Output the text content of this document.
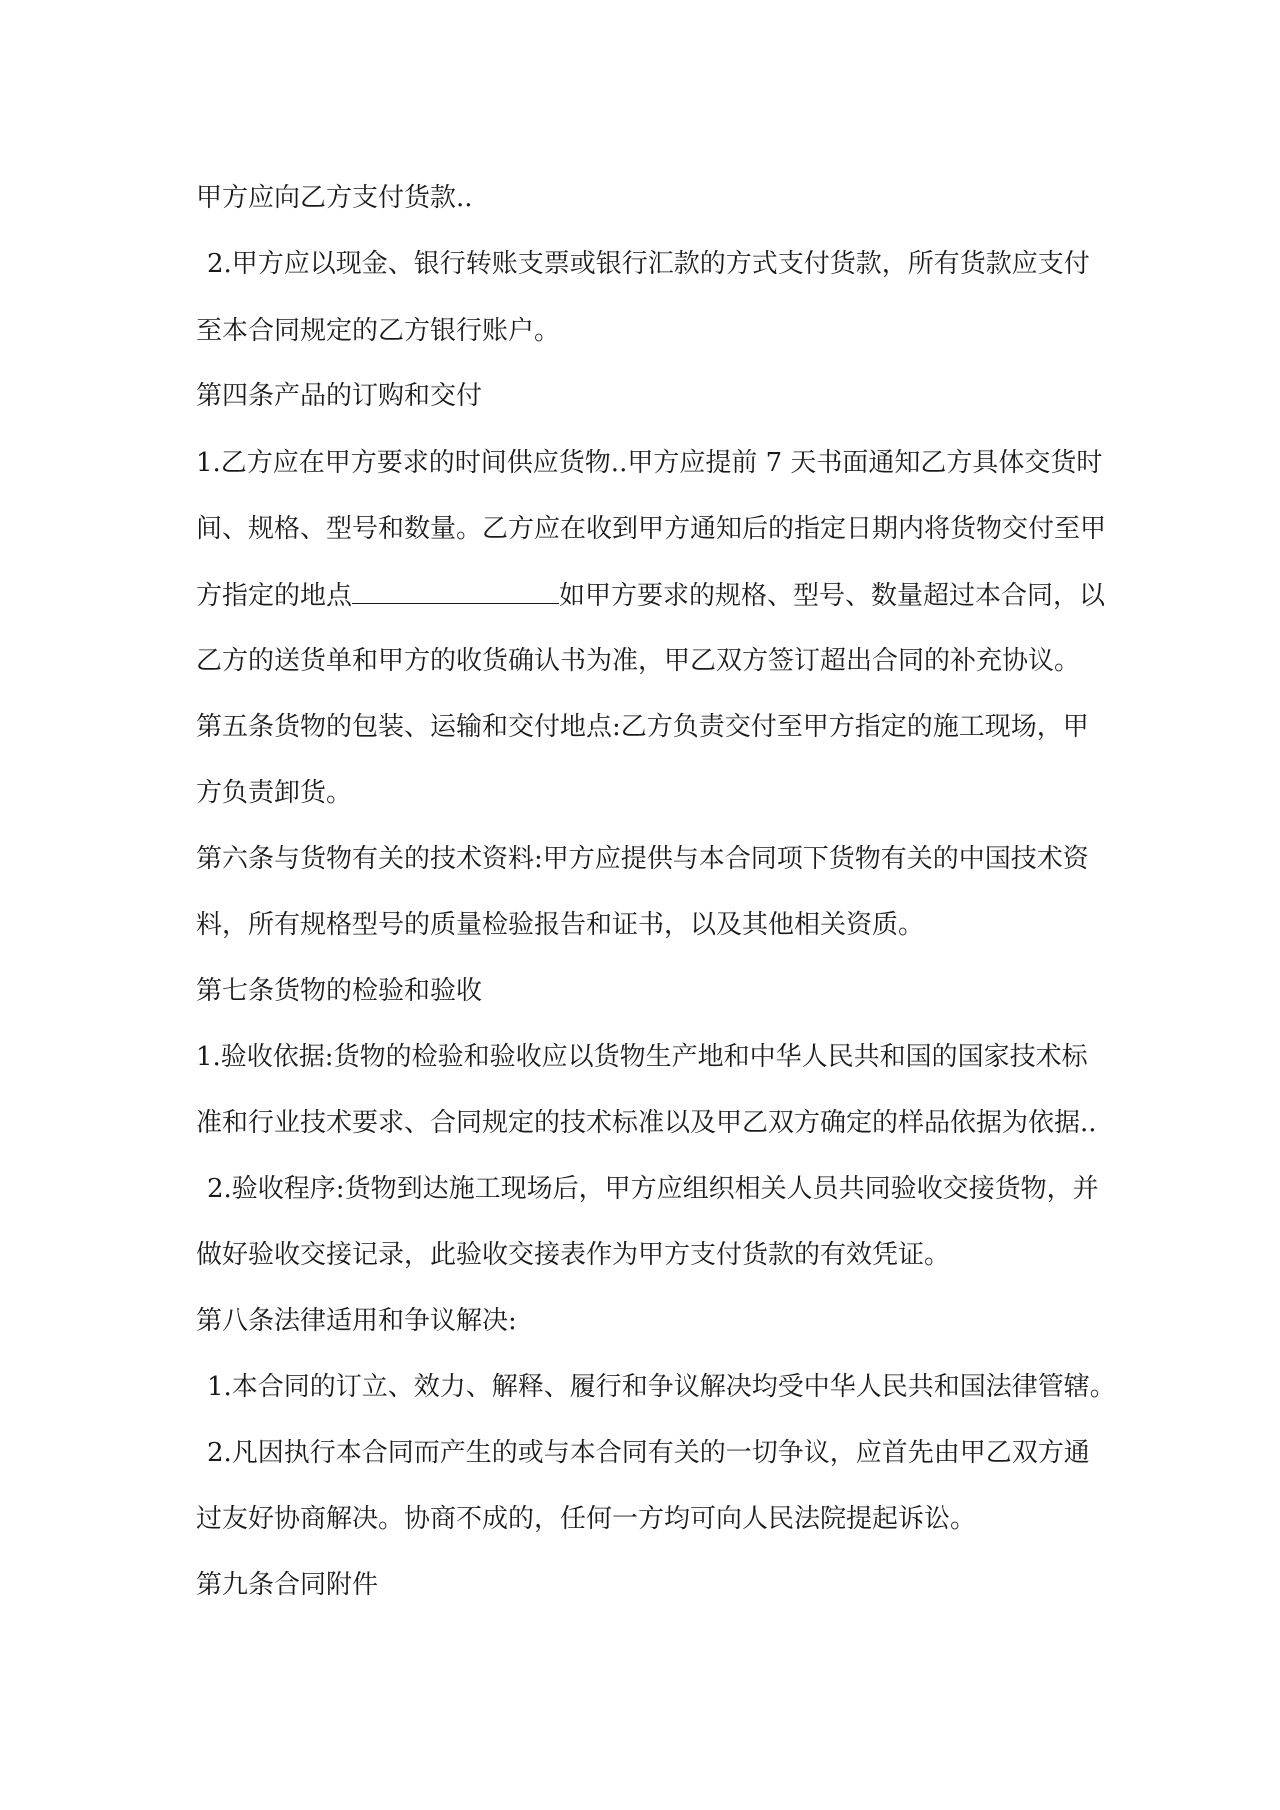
甲方应向乙方支付货款..
2.甲方应以现金、银行转账支票或银行汇款的方式支付货款，所有货款应支付
至本合同规定的乙方银行账户。
第四条产品的订购和交付
1.乙方应在甲方要求的时间供应货物..甲方应提前 7 天书面通知乙方具体交货时
间、规格、型号和数量。乙方应在收到甲方通知后的指定日期内将货物交付至甲
方指定的地点	如甲方要求的规格、型号、数量超过本合同，以
乙方的送货单和甲方的收货确认书为准，甲乙双方签订超出合同的补充协议。
第五条货物的包装、运输和交付地点:乙方负责交付至甲方指定的施工现场，甲
方负责卸货。
第六条与货物有关的技术资料:甲方应提供与本合同项下货物有关的中国技术资
料，所有规格型号的质量检验报告和证书，以及其他相关资质。
第七条货物的检验和验收
1.验收依据:货物的检验和验收应以货物生产地和中华人民共和国的国家技术标
准和行业技术要求、合同规定的技术标准以及甲乙双方确定的样品依据为依据..
2.验收程序:货物到达施工现场后，甲方应组织相关人员共同验收交接货物，并
做好验收交接记录，此验收交接表作为甲方支付货款的有效凭证。
第八条法律适用和争议解决:
1.本合同的订立、效力、解释、履行和争议解决均受中华人民共和国法律管辖。
2.凡因执行本合同而产生的或与本合同有关的一切争议，应首先由甲乙双方通
过友好协商解决。协商不成的，任何一方均可向人民法院提起诉讼。
第九条合同附件
